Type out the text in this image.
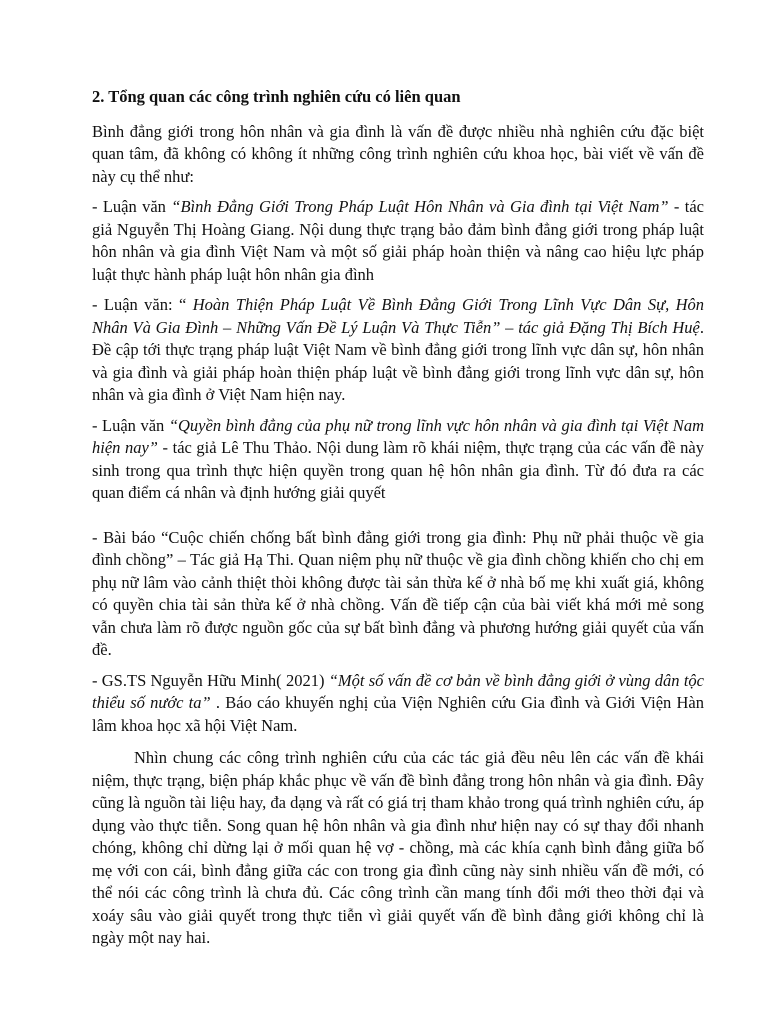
2. Tổng quan các công trình nghiên cứu có liên quan

Bình đẳng giới trong hôn nhân và gia đình là vấn đề được nhiều nhà nghiên cứu đặc biệt quan tâm, đã không có không ít những công trình nghiên cứu khoa học, bài viết về vấn đề này cụ thể như:

- Luận văn “Bình Đẳng Giới Trong Pháp Luật Hôn Nhân và Gia đình tại Việt Nam” - tác giả Nguyễn Thị Hoàng Giang. Nội dung thực trạng bảo đảm bình đẳng giới trong pháp luật hôn nhân và gia đình Việt Nam và một số giải pháp hoàn thiện và nâng cao hiệu lực pháp luật thực hành pháp luật hôn nhân gia đình

- Luận văn: “ Hoàn Thiện Pháp Luật Về Bình Đẳng Giới Trong Lĩnh Vực Dân Sự, Hôn Nhân Và Gia Đình – Những Vấn Đề Lý Luận Và Thực Tiễn” – tác giả Đặng Thị Bích Huệ. Đề cập tới thực trạng pháp luật Việt Nam về bình đẳng giới trong lĩnh vực dân sự, hôn nhân và gia đình và giải pháp hoàn thiện pháp luật về bình đẳng giới trong lĩnh vực dân sự, hôn nhân và gia đình ở Việt Nam hiện nay.

- Luận văn “Quyền bình đẳng của phụ nữ trong lĩnh vực hôn nhân và gia đình tại Việt Nam hiện nay” - tác giả Lê Thu Thảo. Nội dung làm rõ khái niệm, thực trạng của các vấn đề này sinh trong qua trình thực hiện quyền trong quan hệ hôn nhân gia đình. Từ đó đưa ra các quan điểm cá nhân và định hướng giải quyết

- Bài báo “Cuộc chiến chống bất bình đẳng giới trong gia đình: Phụ nữ phải thuộc về gia đình chồng” – Tác giả Hạ Thi. Quan niệm phụ nữ thuộc về gia đình chồng khiến cho chị em phụ nữ lâm vào cảnh thiệt thòi không được tài sản thừa kế ở nhà bố mẹ khi xuất giá, không có quyền chia tài sản thừa kế ở nhà chồng. Vấn đề tiếp cận của bài viết khá mới mẻ song vẫn chưa làm rõ được nguồn gốc của sự bất bình đẳng và phương hướng giải quyết của vấn đề.

- GS.TS Nguyễn Hữu Minh( 2021) “Một số vấn đề cơ bản về bình đẳng giới ở vùng dân tộc thiểu số nước ta” . Báo cáo khuyến nghị của Viện Nghiên cứu Gia đình và Giới Viện Hàn lâm khoa học xã hội Việt Nam.

Nhìn chung các công trình nghiên cứu của các tác giả đều nêu lên các vấn đề khái niệm, thực trạng, biện pháp khắc phục về vấn đề bình đẳng trong hôn nhân và gia đình. Đây cũng là nguồn tài liệu hay, đa dạng và rất có giá trị tham khảo trong quá trình nghiên cứu, áp dụng vào thực tiễn. Song quan hệ hôn nhân và gia đình như hiện nay có sự thay đổi nhanh chóng, không chỉ dừng lại ở mối quan hệ vợ - chồng, mà các khía cạnh bình đẳng giữa bố mẹ với con cái, bình đẳng giữa các con trong gia đình cũng này sinh nhiều vấn đề mới, có thể nói các công trình là chưa đủ. Các công trình cần mang tính đổi mới theo thời đại và xoáy sâu vào giải quyết trong thực tiễn vì giải quyết vấn đề bình đẳng giới không chỉ là ngày một nay hai.
